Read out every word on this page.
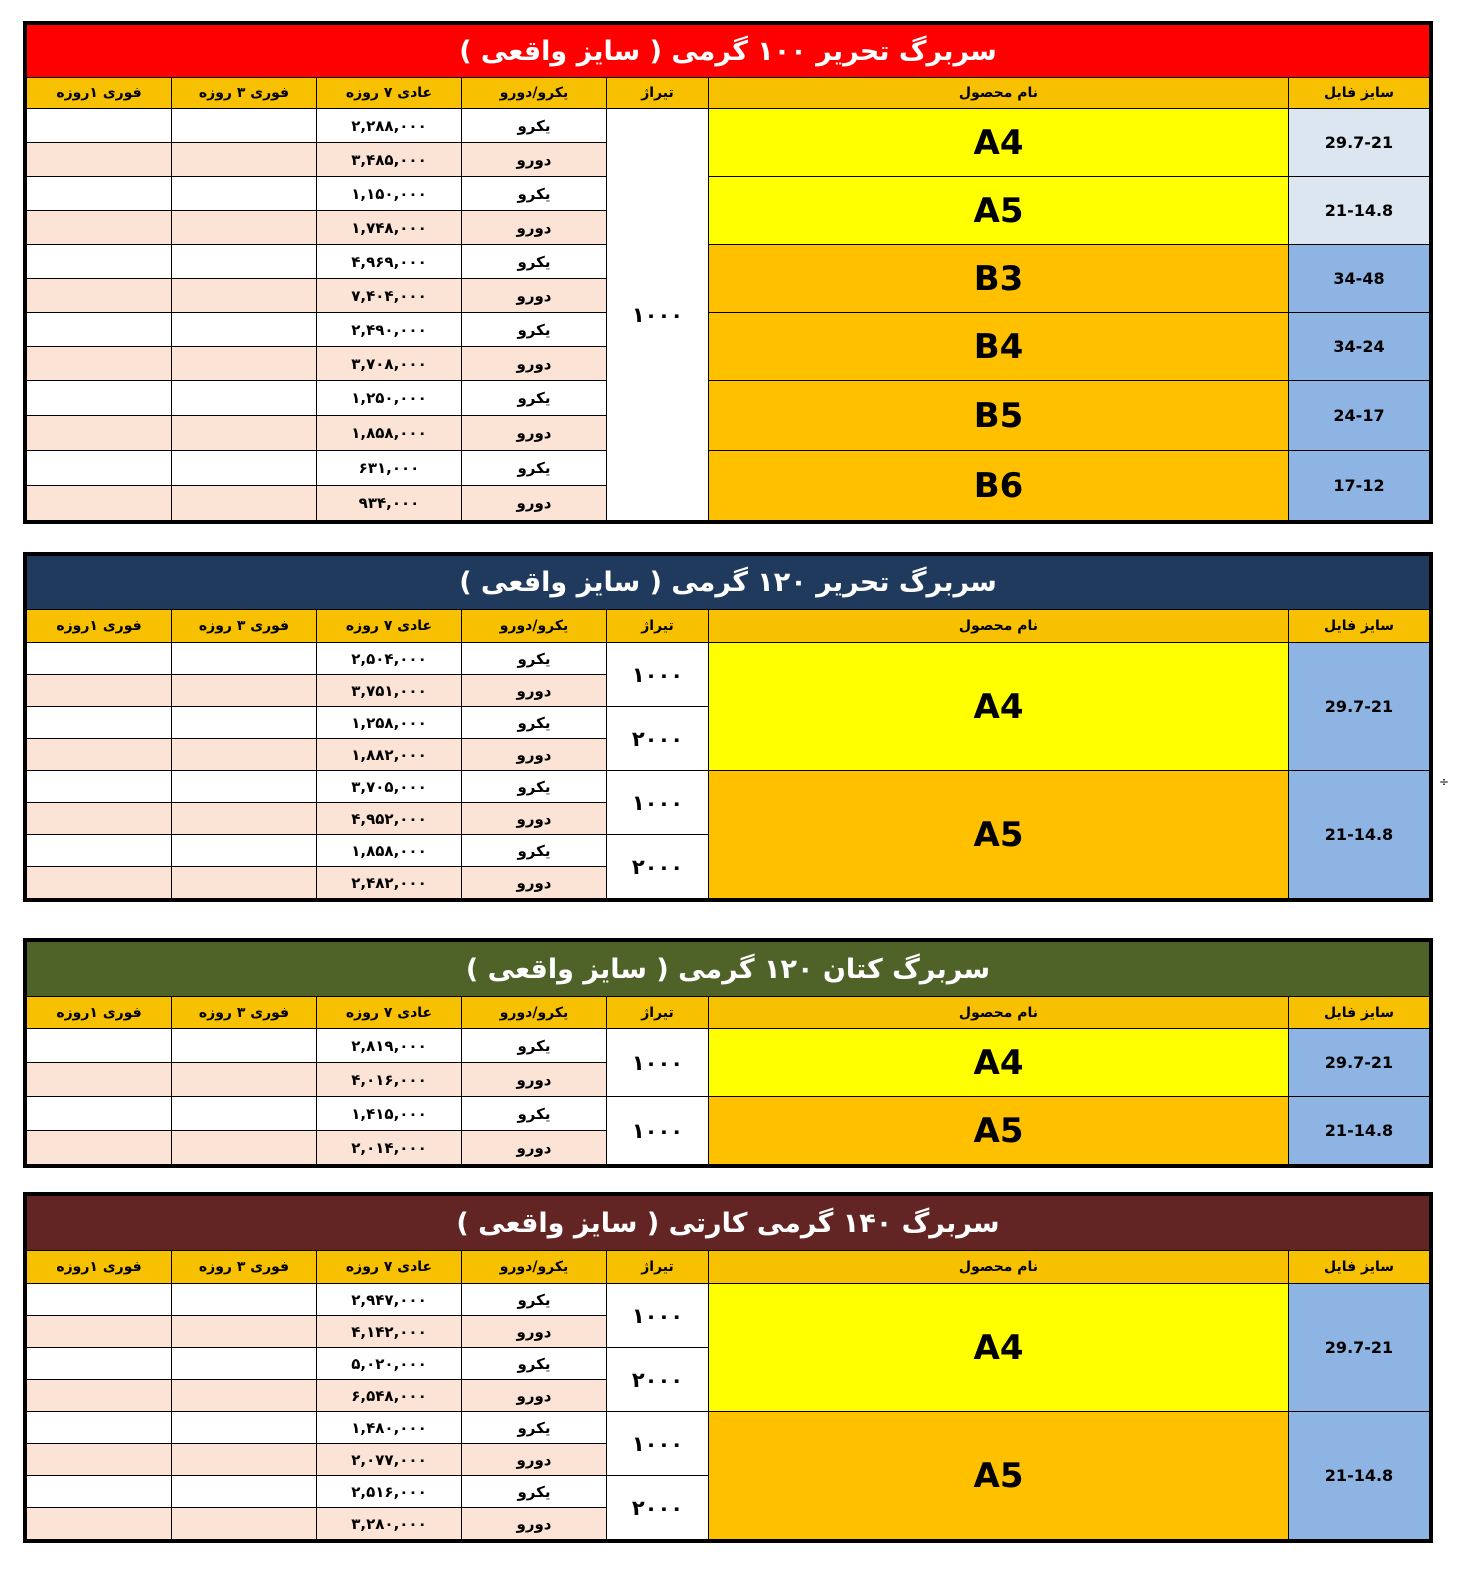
سربرگ تحریر ۱۰۰ گرمی ( سایز واقعی )						
فوری ۱روزه	فوری ۳ روزه	عادی ۷ روزه	یکرو/دورو	تیراژ	نام محصول	سایز فایل
		۲,۲۸۸,۰۰۰	یکرو	۱۰۰۰	A4	29.7-21
		۳,۴۸۵,۰۰۰	دورو			
		۱,۱۵۰,۰۰۰	یکرو		A5	21-14.8
		۱,۷۴۸,۰۰۰	دورو			
		۴,۹۶۹,۰۰۰	یکرو		B3	34-48
		۷,۴۰۴,۰۰۰	دورو			
		۲,۴۹۰,۰۰۰	یکرو		B4	34-24
		۳,۷۰۸,۰۰۰	دورو			
		۱,۲۵۰,۰۰۰	یکرو		B5	24-17
		۱,۸۵۸,۰۰۰	دورو			
		۶۳۱,۰۰۰	یکرو		B6	17-12
		۹۳۴,۰۰۰	دورو			
سربرگ تحریر ۱۲۰ گرمی ( سایز واقعی )						
فوری ۱روزه	فوری ۳ روزه	عادی ۷ روزه	یکرو/دورو	تیراژ	نام محصول	سایز فایل
		۲,۵۰۴,۰۰۰	یکرو	۱۰۰۰	A4	29.7-21
		۳,۷۵۱,۰۰۰	دورو			
		۱,۲۵۸,۰۰۰	یکرو	۲۰۰۰		
		۱,۸۸۲,۰۰۰	دورو			
		۳,۷۰۵,۰۰۰	یکرو	۱۰۰۰	A5	21-14.8
		۴,۹۵۲,۰۰۰	دورو			
		۱,۸۵۸,۰۰۰	یکرو	۲۰۰۰		
		۲,۴۸۲,۰۰۰	دورو			
÷
سربرگ کتان ۱۲۰ گرمی ( سایز واقعی )						
فوری ۱روزه	فوری ۳ روزه	عادی ۷ روزه	یکرو/دورو	تیراژ	نام محصول	سایز فایل
		۲,۸۱۹,۰۰۰	یکرو	۱۰۰۰	A4	29.7-21
		۴,۰۱۶,۰۰۰	دورو			
		۱,۴۱۵,۰۰۰	یکرو	۱۰۰۰	A5	21-14.8
		۲,۰۱۴,۰۰۰	دورو			
سربرگ ۱۴۰ گرمی کارتی ( سایز واقعی )						
فوری ۱روزه	فوری ۳ روزه	عادی ۷ روزه	یکرو/دورو	تیراژ	نام محصول	سایز فایل
		۲,۹۴۷,۰۰۰	یکرو	۱۰۰۰	A4	29.7-21
		۴,۱۴۲,۰۰۰	دورو			
		۵,۰۲۰,۰۰۰	یکرو	۲۰۰۰		
		۶,۵۴۸,۰۰۰	دورو			
		۱,۴۸۰,۰۰۰	یکرو	۱۰۰۰	A5	21-14.8
		۲,۰۷۷,۰۰۰	دورو			
		۲,۵۱۶,۰۰۰	یکرو	۲۰۰۰		
		۳,۲۸۰,۰۰۰	دورو			
